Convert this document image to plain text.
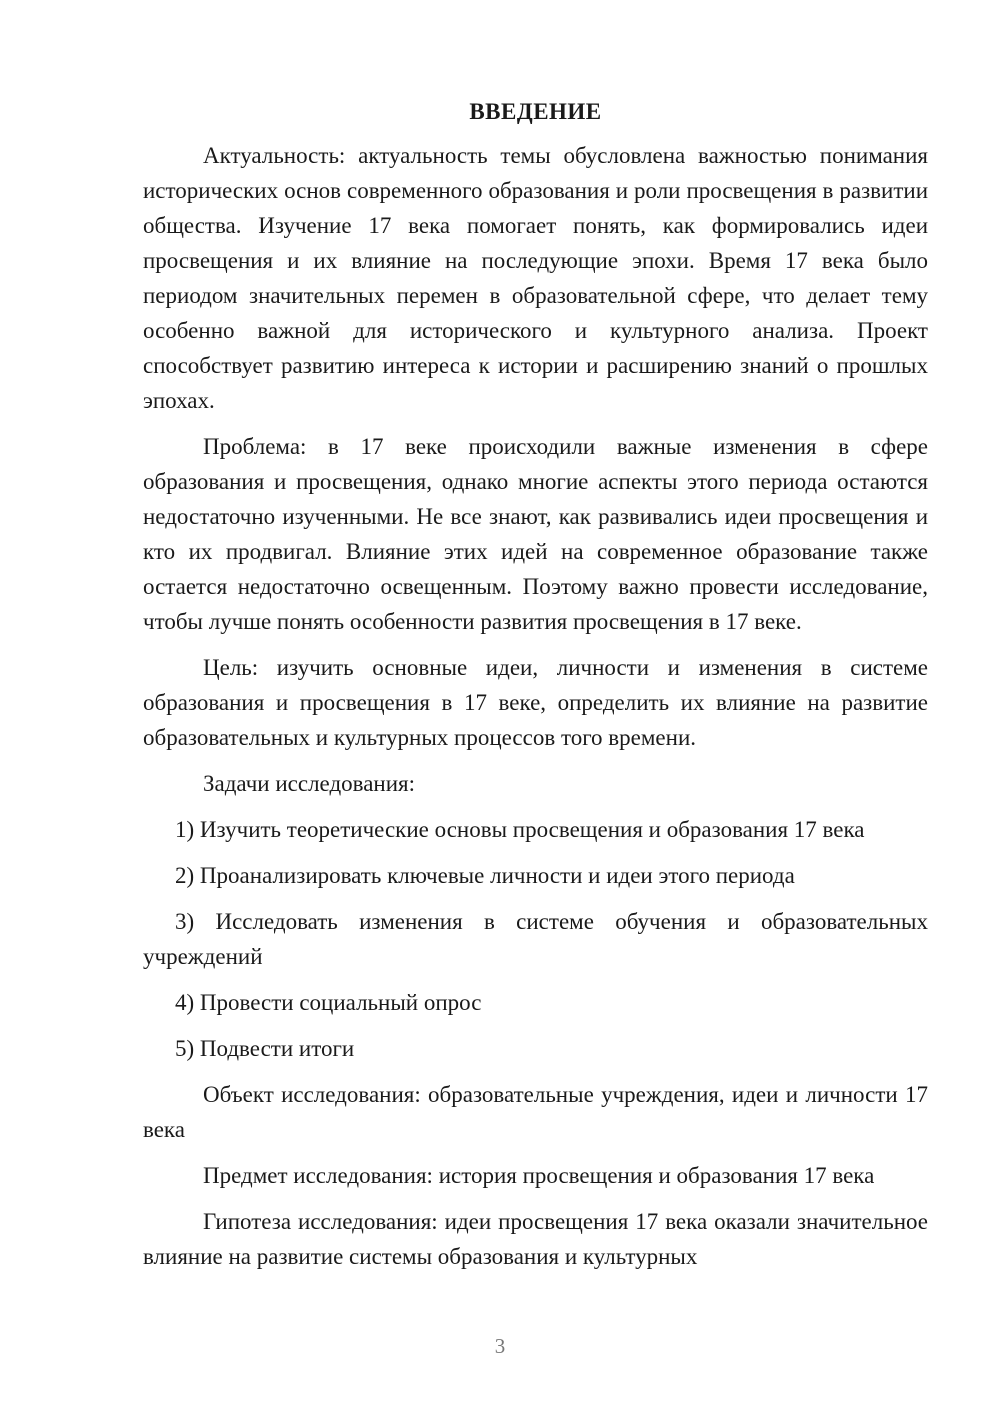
ВВЕДЕНИЕ

Актуальность: актуальность темы обусловлена важностью понимания исторических основ современного образования и роли просвещения в развитии общества. Изучение 17 века помогает понять, как формировались идеи просвещения и их влияние на последующие эпохи. Время 17 века было периодом значительных перемен в образовательной сфере, что делает тему особенно важной для исторического и культурного анализа. Проект способствует развитию интереса к истории и расширению знаний о прошлых эпохах.

Проблема: в 17 веке происходили важные изменения в сфере образования и просвещения, однако многие аспекты этого периода остаются недостаточно изученными. Не все знают, как развивались идеи просвещения и кто их продвигал. Влияние этих идей на современное образование также остается недостаточно освещенным. Поэтому важно провести исследование, чтобы лучше понять особенности развития просвещения в 17 веке.

Цель: изучить основные идеи, личности и изменения в системе образования и просвещения в 17 веке, определить их влияние на развитие образовательных и культурных процессов того времени.

Задачи исследования:

1) Изучить теоретические основы просвещения и образования 17 века

2) Проанализировать ключевые личности и идеи этого периода

3) Исследовать изменения в системе обучения и образовательных учреждений

4) Провести социальный опрос

5) Подвести итоги

Объект исследования: образовательные учреждения, идеи и личности 17 века

Предмет исследования: история просвещения и образования 17 века

Гипотеза исследования: идеи просвещения 17 века оказали значительное влияние на развитие системы образования и культурных

3
